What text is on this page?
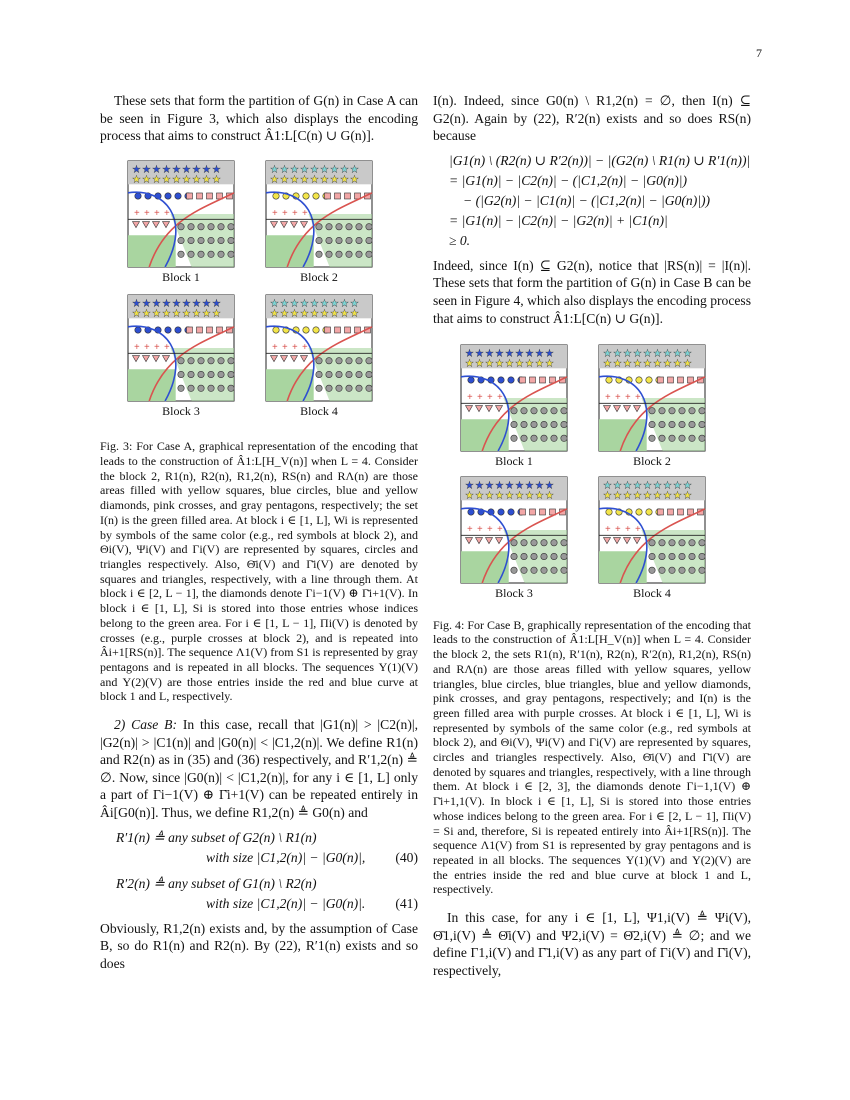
7

These sets that form the partition of G(n) in Case A can be seen in Figure 3, which also displays the encoding process that aims to construct Â1:L[C(n) ∪ G(n)].

★ ★ ★ ★ ★ ★ ★ ★ ★
★ ★ ★ ★ ★ ★ ★ ★ ★
+ + + +
Block 1
★ ★ ★ ★ ★ ★ ★ ★ ★
★ ★ ★ ★ ★ ★ ★ ★ ★
+ + + +
Block 2
★ ★ ★ ★ ★ ★ ★ ★ ★
★ ★ ★ ★ ★ ★ ★ ★ ★
+ + + +
Block 3
★ ★ ★ ★ ★ ★ ★ ★ ★
★ ★ ★ ★ ★ ★ ★ ★ ★
+ + + +
Block 4

Fig. 3: For Case A, graphical representation of the encoding that leads to the construction of Â1:L[H_V(n)] when L = 4. Consider the block 2, R1(n), R2(n), R1,2(n), RS(n) and RΛ(n) are those areas filled with yellow squares, blue circles, blue and yellow diamonds, pink crosses, and gray pentagons, respectively; the set I(n) is the green filled area. At block i ∈ [1, L], Wi is represented by symbols of the same color (e.g., red symbols at block 2), and Θi(V), Ψi(V) and Γi(V) are represented by squares, circles and triangles respectively. Also, Θ̄i(V) and Γ̄i(V) are denoted by squares and triangles, respectively, with a line through them. At block i ∈ [2, L − 1], the diamonds denote Γi−1(V) ⊕ Γ̄i+1(V). In block i ∈ [1, L], Si is stored into those entries whose indices belong to the green area. For i ∈ [1, L − 1], Πi(V) is denoted by crosses (e.g., purple crosses at block 2), and is repeated into Âi+1[RS(n)]. The sequence Λ1(V) from S1 is represented by gray pentagons and is repeated in all blocks. The sequences Υ(1)(V) and Υ(2)(V) are those entries inside the red and blue curve at block 1 and L, respectively.

2) Case B: In this case, recall that |G1(n)| > |C2(n)|, |G2(n)| > |C1(n)| and |G0(n)| < |C1,2(n)|. We define R1(n) and R2(n) as in (35) and (36) respectively, and R′1,2(n) ≜ ∅. Now, since |G0(n)| < |C1,2(n)|, for any i ∈ [1, L] only a part of Γi−1(V) ⊕ Γ̄i+1(V) can be repeated entirely in Âi[G0(n)]. Thus, we define R1,2(n) ≜ G0(n) and

R′1(n) ≜ any subset of G2(n) \ R1(n)
with size |C1,2(n)| − |G0(n)|, (40)
R′2(n) ≜ any subset of G1(n) \ R2(n)
with size |C1,2(n)| − |G0(n)|. (41)

Obviously, R1,2(n) exists and, by the assumption of Case B, so do R1(n) and R2(n). By (22), R′1(n) exists and so does

I(n). Indeed, since G0(n) \ R1,2(n) = ∅, then I(n) ⊆ G2(n). Again by (22), R′2(n) exists and so does RS(n) because

|G1(n) \ (R2(n) ∪ R′2(n))| − |(G2(n) \ R1(n) ∪ R′1(n))|
= |G1(n)| − |C2(n)| − (|C1,2(n)| − |G0(n)|)
− (|G2(n)| − |C1(n)| − (|C1,2(n)| − |G0(n)|))
= |G1(n)| − |C2(n)| − |G2(n)| + |C1(n)|
≥ 0.

Indeed, since I(n) ⊆ G2(n), notice that |RS(n)| = |I(n)|. These sets that form the partition of G(n) in Case B can be seen in Figure 4, which also displays the encoding process that aims to construct Â1:L[C(n) ∪ G(n)].

★ ★ ★ ★ ★ ★ ★ ★ ★
★ ★ ★ ★ ★ ★ ★ ★ ★
+ + + +
Block 1
★ ★ ★ ★ ★ ★ ★ ★ ★
★ ★ ★ ★ ★ ★ ★ ★ ★
+ + + +
Block 2
★ ★ ★ ★ ★ ★ ★ ★ ★
★ ★ ★ ★ ★ ★ ★ ★ ★
+ + + +
Block 3
★ ★ ★ ★ ★ ★ ★ ★ ★
★ ★ ★ ★ ★ ★ ★ ★ ★
+ + + +
Block 4

Fig. 4: For Case B, graphically representation of the encoding that leads to the construction of Â1:L[H_V(n)] when L = 4. Consider the block 2, the sets R1(n), R′1(n), R2(n), R′2(n), R1,2(n), RS(n) and RΛ(n) are those areas filled with yellow squares, yellow triangles, blue circles, blue triangles, blue and yellow diamonds, pink crosses, and gray pentagons, respectively; and I(n) is the green filled area with purple crosses. At block i ∈ [1, L], Wi is represented by symbols of the same color (e.g., red symbols at block 2), and Θi(V), Ψi(V) and Γi(V) are represented by squares, circles and triangles respectively. Also, Θ̄i(V) and Γ̄i(V) are denoted by squares and triangles, respectively, with a line through them. At block i ∈ [2, 3], the diamonds denote Γi−1,1(V) ⊕ Γ̄i+1,1(V). In block i ∈ [1, L], Si is stored into those entries whose indices belong to the green area. For i ∈ [2, L − 1], Πi(V) = Si and, therefore, Si is repeated entirely into Âi+1[RS(n)]. The sequence Λ1(V) from S1 is represented by gray pentagons and is repeated in all blocks. The sequences Υ(1)(V) and Υ(2)(V) are the entries inside the red and blue curve at block 1 and L, respectively.

In this case, for any i ∈ [1, L], Ψ1,i(V) ≜ Ψi(V), Θ̄1,i(V) ≜ Θ̄i(V) and Ψ2,i(V) = Θ̄2,i(V) ≜ ∅; and we define Γ1,i(V) and Γ̄1,i(V) as any part of Γi(V) and Γ̄i(V), respectively,
